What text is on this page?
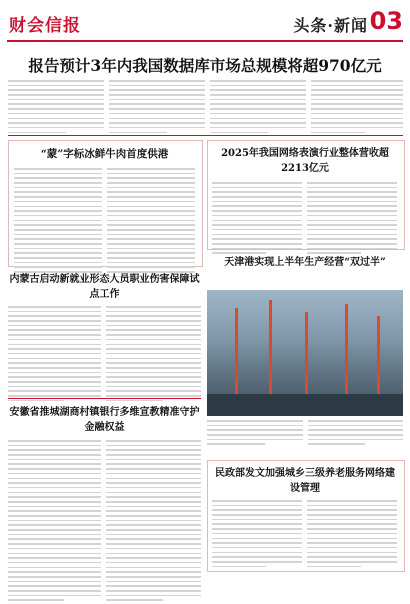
财会信报	头条·新闻 03
报告预计3年内我国数据库市场总规模将超970亿元
“蒙”字标冰鲜牛肉首度供港	2025年我国网络表演行业整体营收超2213亿元
内蒙古启动新就业形态人员职业伤害保障试点工作
天津港实现上半年生产经营“双过半”
安徽省推城湖商村镇银行多维宣教精准守护金融权益
民政部发文加强城乡三级养老服务网络建设管理
